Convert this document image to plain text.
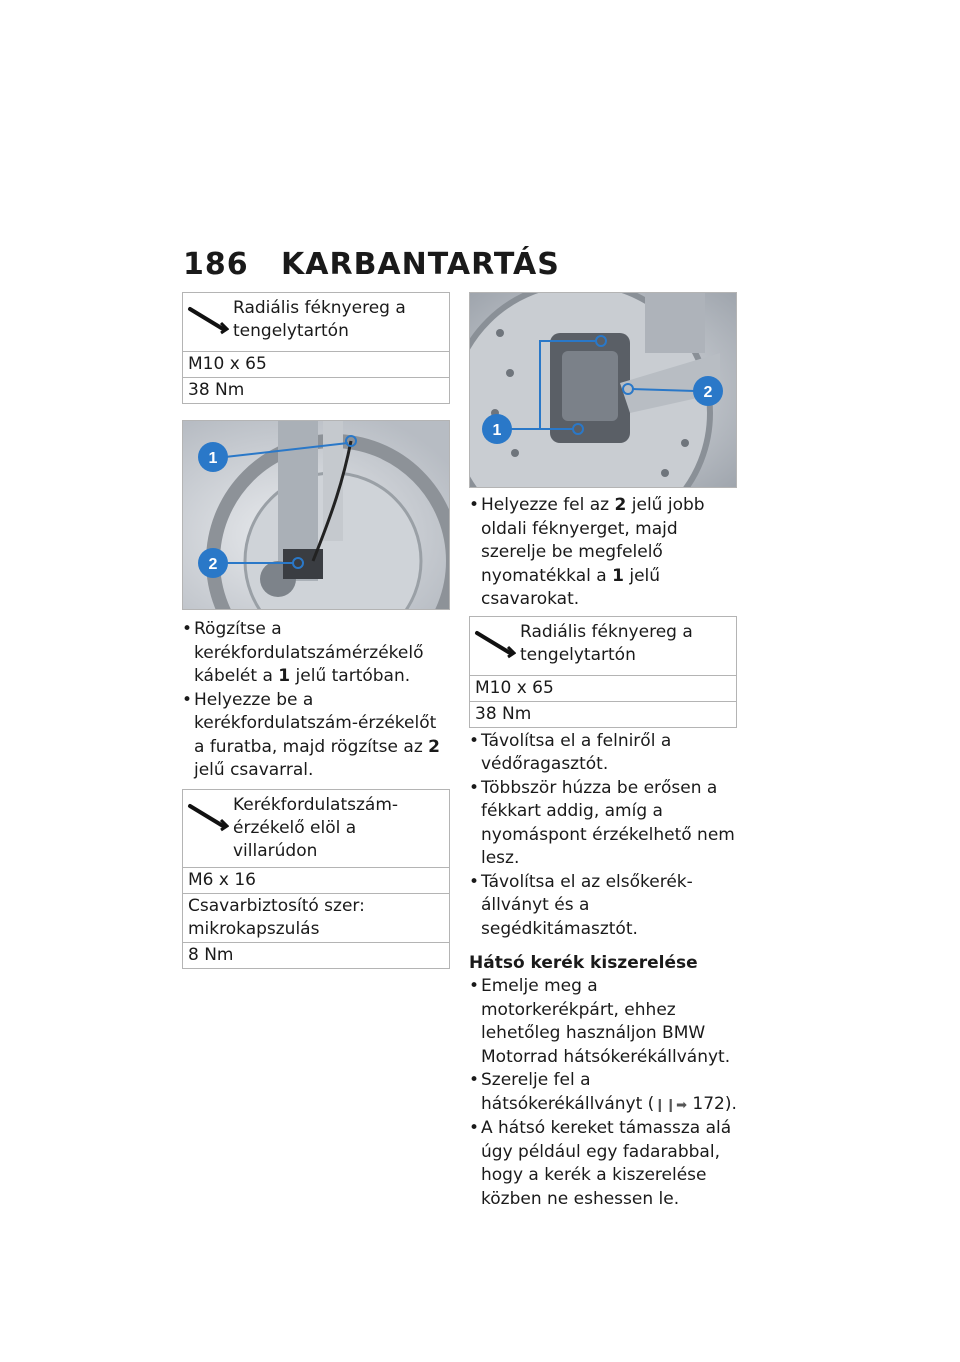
186	KARBANTARTÁS
Radiális féknyereg a tengelytartón
M10 x 65
38 Nm
1
2
• Rögzítse a kerékfordulatszámérzékelő kábelét a 1 jelű tartóban.
• Helyezze be a kerékfordulatszám-érzékelőt a furatba, majd rögzítse az 2 jelű csavarral.
Kerékfordulatszám-érzékelő elöl a villarúdon
M6 x 16
Csavarbiztosító szer: mikrokapszulás
8 Nm
1
2
• Helyezze fel az 2 jelű jobb oldali féknyerget, majd szerelje be megfelelő nyomatékkal a 1 jelű csavarokat.
Radiális féknyereg a tengelytartón
M10 x 65
38 Nm
• Távolítsa el a felniről a védőragasztót.
• Többször húzza be erősen a fékkart addig, amíg a nyomáspont érzékelhető nem lesz.
• Távolítsa el az elsőkerék-állványt és a segédkitámasztót.
Hátsó kerék kiszerelése
• Emelje meg a motorkerékpárt, ehhez lehetőleg használjon BMW Motorrad hátsókerékállványt.
• Szerelje fel a hátsókerékállványt (❙❙➡ 172).
• A hátsó kereket támassza alá úgy például egy fadarabbal, hogy a kerék a kiszerelése közben ne eshessen le.
